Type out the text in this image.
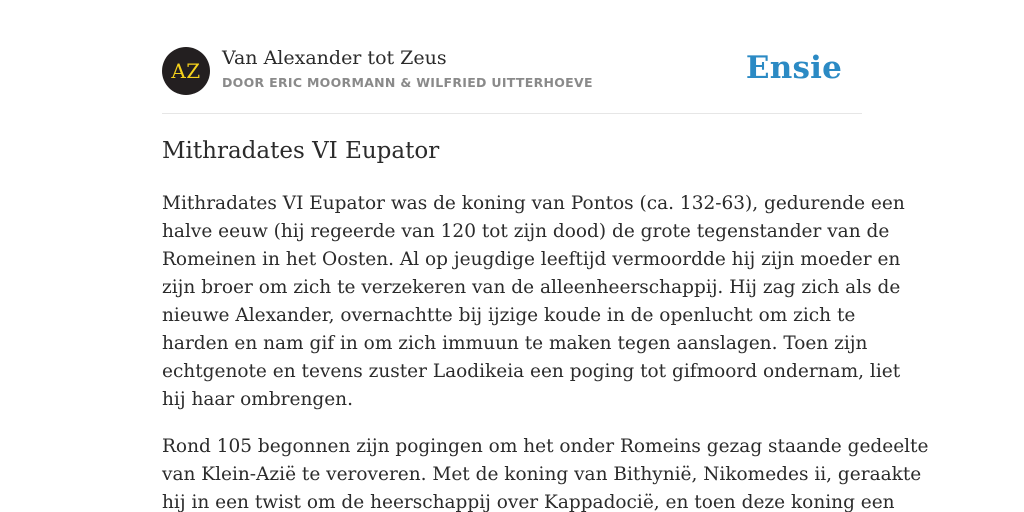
AZ
Van Alexander tot Zeus
DOOR ERIC MOORMANN & WILFRIED UITTERHOEVE	Ensie
Mithradates VI Eupator

Mithradates VI Eupator was de koning van Pontos (ca. 132-63), gedurende een
halve eeuw (hij regeerde van 120 tot zijn dood) de grote tegenstander van de
Romeinen in het Oosten. Al op jeugdige leeftijd vermoordde hij zijn moeder en
zijn broer om zich te verzekeren van de alleenheerschappij. Hij zag zich als de
nieuwe Alexander, overnachtte bij ijzige koude in de openlucht om zich te
harden en nam gif in om zich immuun te maken tegen aanslagen. Toen zijn
echtgenote en tevens zuster Laodikeia een poging tot gifmoord ondernam, liet
hij haar ombrengen.

Rond 105 begonnen zijn pogingen om het onder Romeins gezag staande gedeelte
van Klein-Azië te veroveren. Met de koning van Bithynië, Nikomedes ii, geraakte
hij in een twist om de heerschappij over Kappadocië, en toen deze koning een
